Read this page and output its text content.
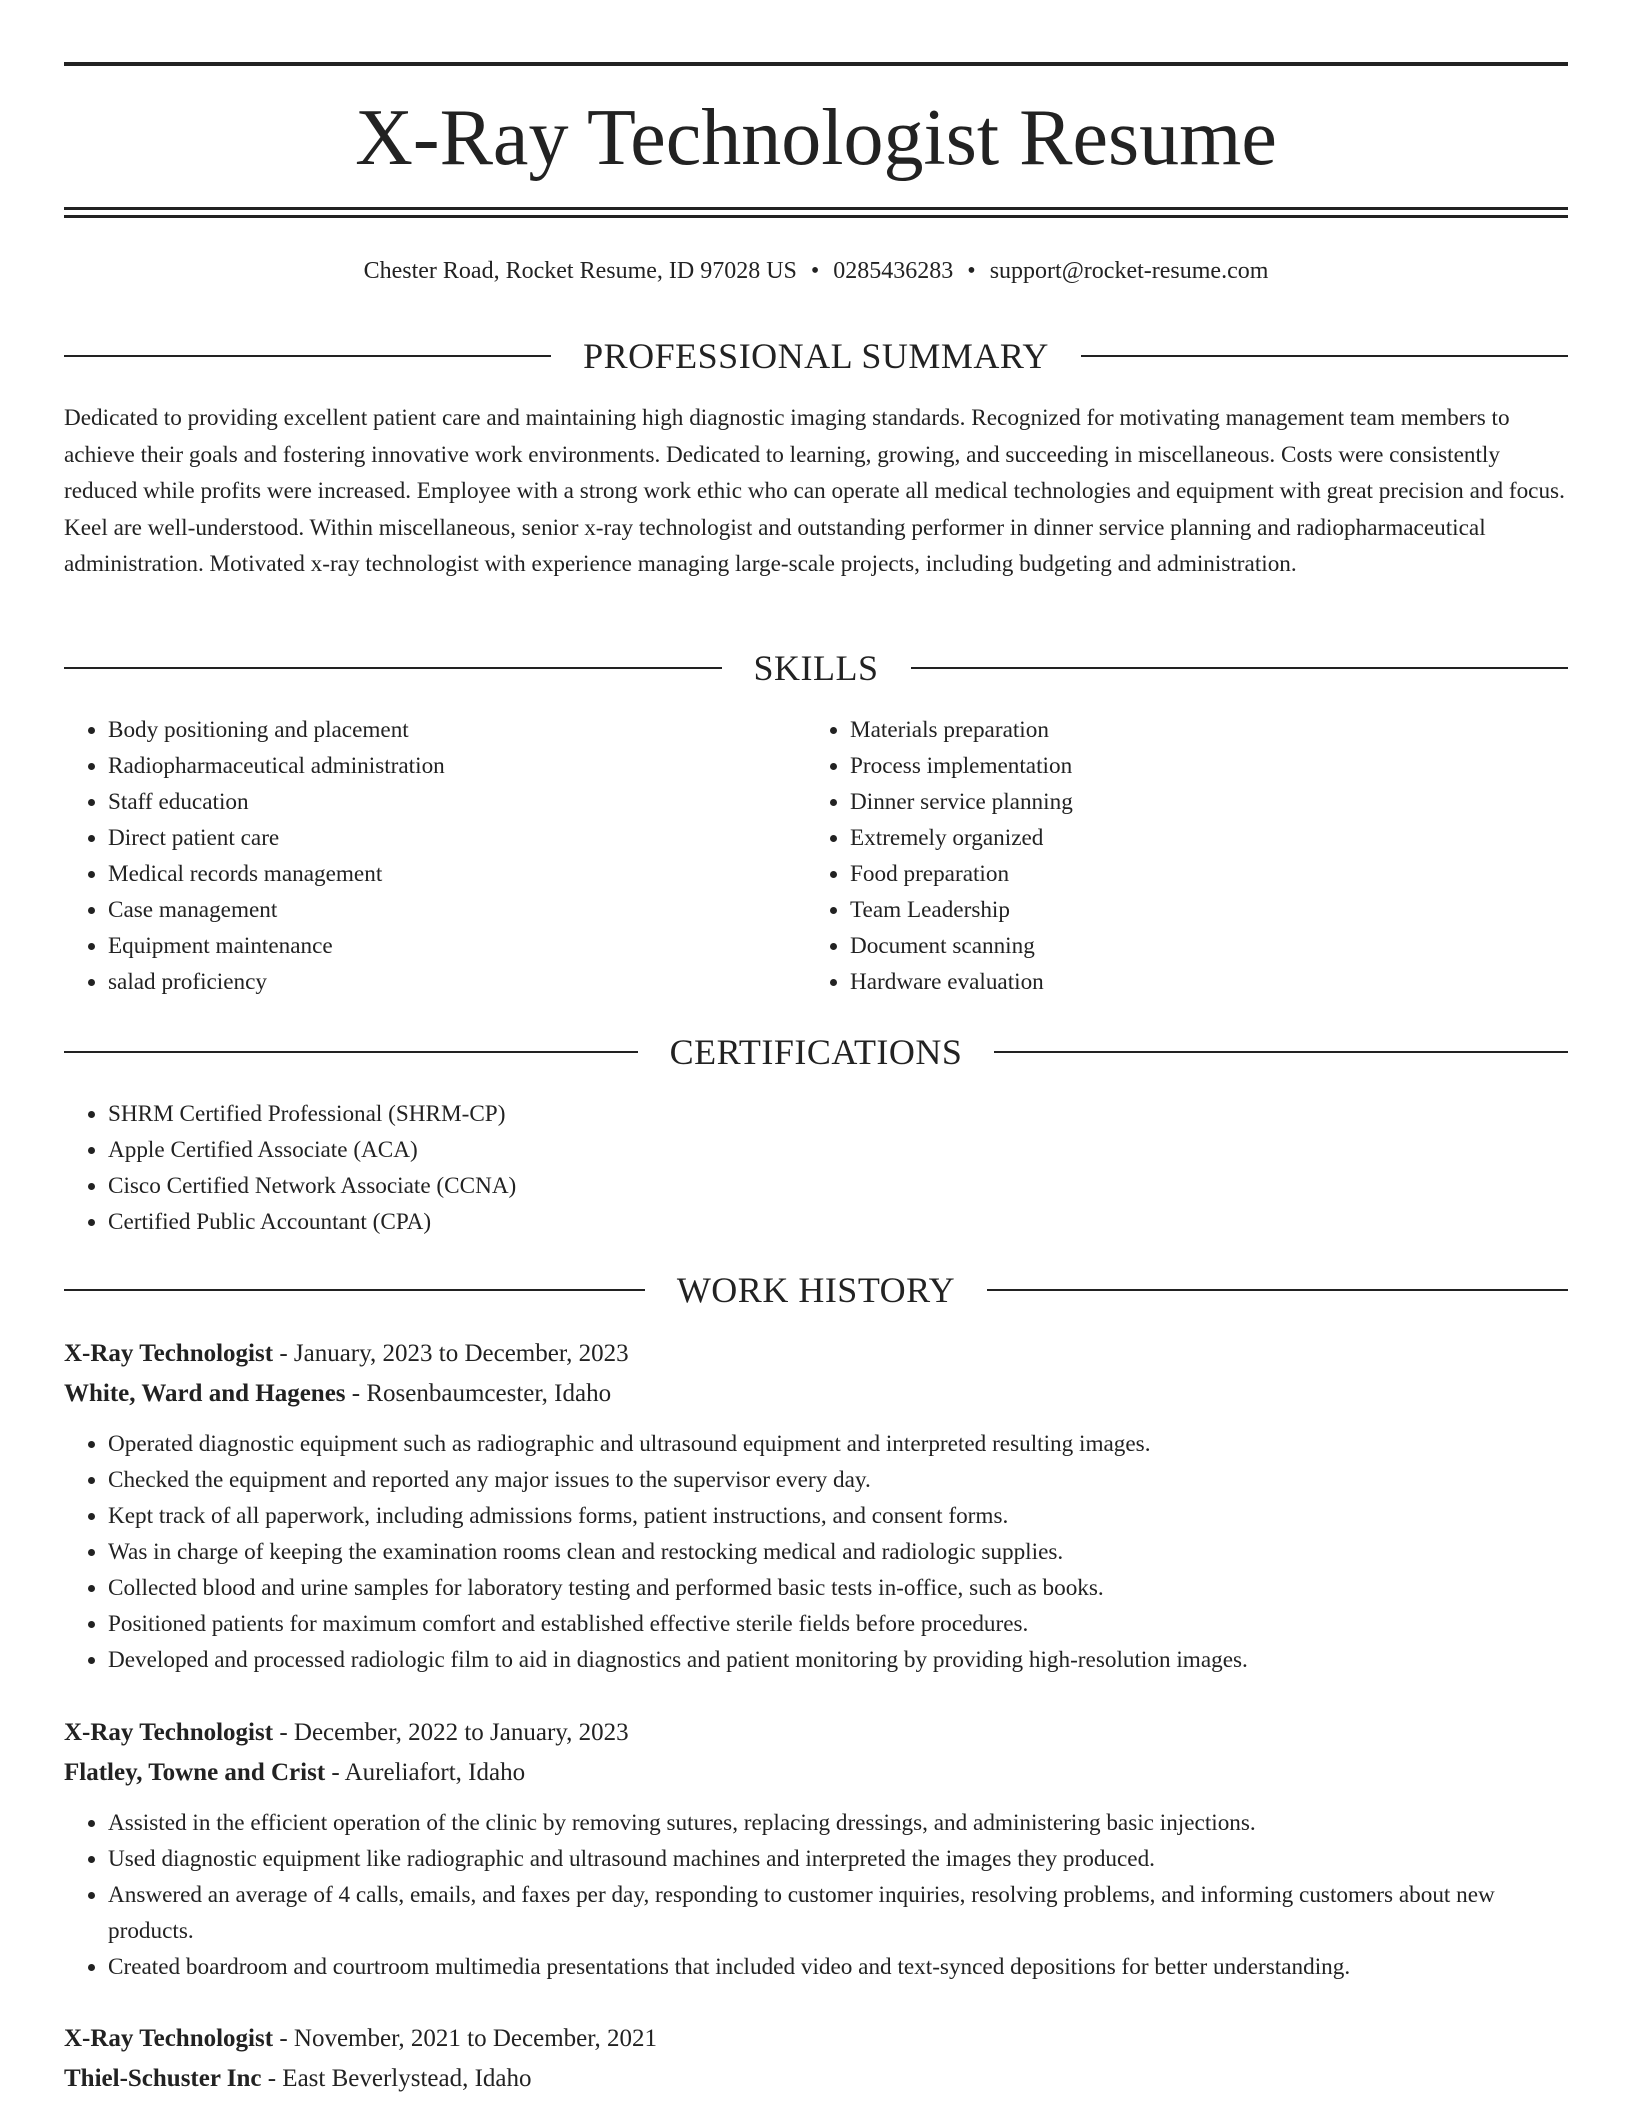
X-Ray Technologist Resume
Chester Road, Rocket Resume, ID 97028 US • 0285436283 • support@rocket-resume.com
PROFESSIONAL SUMMARY

Dedicated to providing excellent patient care and maintaining high diagnostic imaging standards. Recognized for motivating management team members to achieve their goals and fostering innovative work environments. Dedicated to learning, growing, and succeeding in miscellaneous. Costs were consistently reduced while profits were increased. Employee with a strong work ethic who can operate all medical technologies and equipment with great precision and focus. Keel are well-understood. Within miscellaneous, senior x-ray technologist and outstanding performer in dinner service planning and radiopharmaceutical administration. Motivated x-ray technologist with experience managing large-scale projects, including budgeting and administration.

SKILLS
• Body positioning and placement
• Radiopharmaceutical administration
• Staff education
• Direct patient care
• Medical records management
• Case management
• Equipment maintenance
• salad proficiency
• Materials preparation
• Process implementation
• Dinner service planning
• Extremely organized
• Food preparation
• Team Leadership
• Document scanning
• Hardware evaluation
CERTIFICATIONS
• SHRM Certified Professional (SHRM-CP)
• Apple Certified Associate (ACA)
• Cisco Certified Network Associate (CCNA)
• Certified Public Accountant (CPA)
WORK HISTORY
X-Ray Technologist - January, 2023 to December, 2023
White, Ward and Hagenes - Rosenbaumcester, Idaho
• Operated diagnostic equipment such as radiographic and ultrasound equipment and interpreted resulting images.
• Checked the equipment and reported any major issues to the supervisor every day.
• Kept track of all paperwork, including admissions forms, patient instructions, and consent forms.
• Was in charge of keeping the examination rooms clean and restocking medical and radiologic supplies.
• Collected blood and urine samples for laboratory testing and performed basic tests in-office, such as books.
• Positioned patients for maximum comfort and established effective sterile fields before procedures.
• Developed and processed radiologic film to aid in diagnostics and patient monitoring by providing high-resolution images.
X-Ray Technologist - December, 2022 to January, 2023
Flatley, Towne and Crist - Aureliafort, Idaho
• Assisted in the efficient operation of the clinic by removing sutures, replacing dressings, and administering basic injections.
• Used diagnostic equipment like radiographic and ultrasound machines and interpreted the images they produced.
• Answered an average of 4 calls, emails, and faxes per day, responding to customer inquiries, resolving problems, and informing customers about new products.
• Created boardroom and courtroom multimedia presentations that included video and text-synced depositions for better understanding.
X-Ray Technologist - November, 2021 to December, 2021
Thiel-Schuster Inc - East Beverlystead, Idaho
